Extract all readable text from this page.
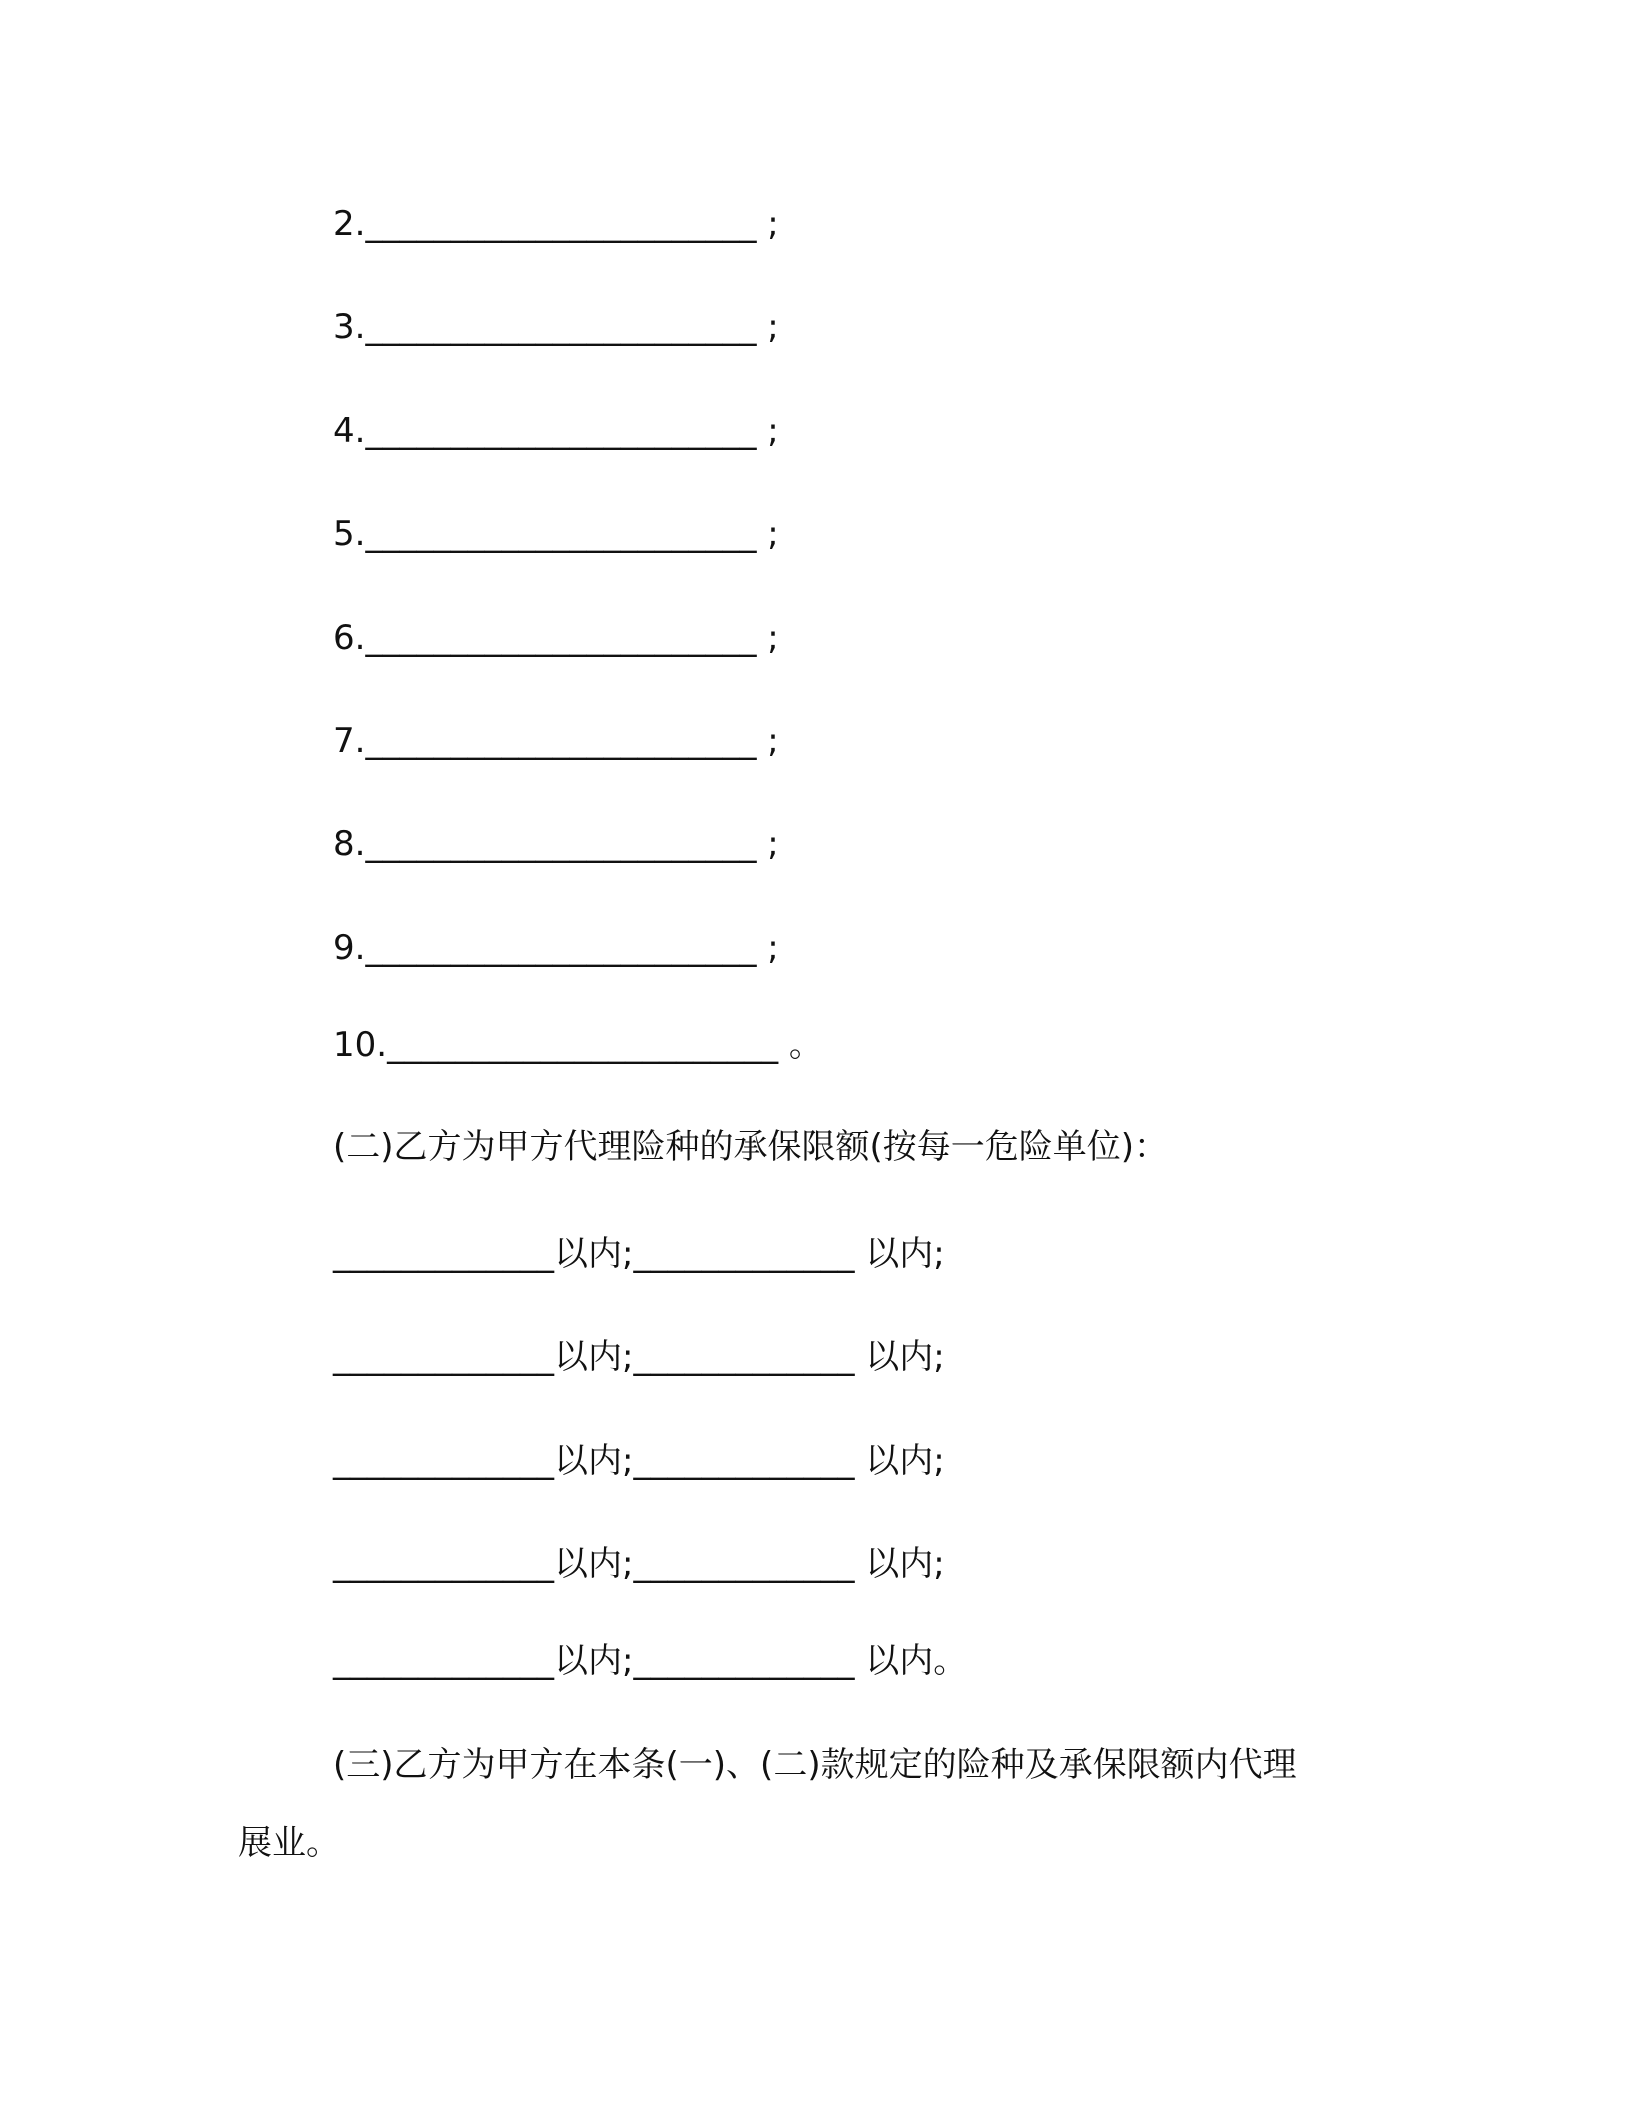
2._______________________ ;
3._______________________ ;
4._______________________ ;
5._______________________ ;
6._______________________ ;
7._______________________ ;
8._______________________ ;
9._______________________ ;
10._______________________ 。
(二)乙方为甲方代理险种的承保限额(按每一危险单位)：
_____________以内;_____________ 以内;
_____________以内;_____________ 以内;
_____________以内;_____________ 以内;
_____________以内;_____________ 以内;
_____________以内;_____________ 以内。
(三)乙方为甲方在本条(一)、(二)款规定的险种及承保限额内代理
展业。
